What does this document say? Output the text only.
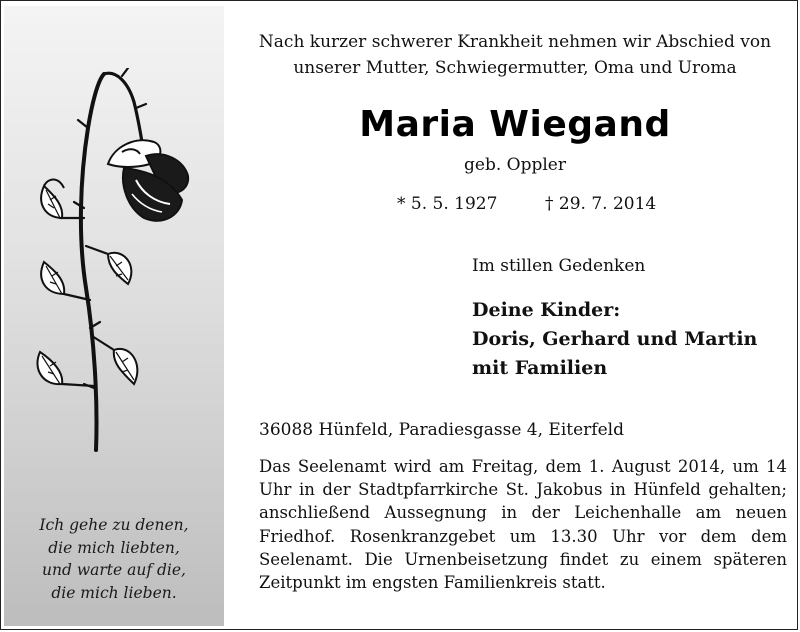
Ich gehe zu denen,
die mich liebten,
und warte auf die,
die mich lieben.
Nach kurzer schwerer Krankheit nehmen wir Abschied von
unserer Mutter, Schwiegermutter, Oma und Uroma
Maria Wiegand
geb. Oppler
* 5. 5. 1927	† 29. 7. 2014
Im stillen Gedenken
Deine Kinder:
Doris, Gerhard und Martin
mit Familien
36088 Hünfeld, Paradiesgasse 4, Eiterfeld
Das Seelenamt wird am Freitag, dem 1. August 2014, um 14 Uhr in der Stadtpfarrkirche St. Jakobus in Hünfeld gehalten; anschließend Aussegnung in der Leichenhalle am neuen Friedhof. Rosenkranzgebet um 13.30 Uhr vor dem dem Seelenamt. Die Urnenbeisetzung findet zu einem späteren Zeitpunkt im engsten Familienkreis statt.
